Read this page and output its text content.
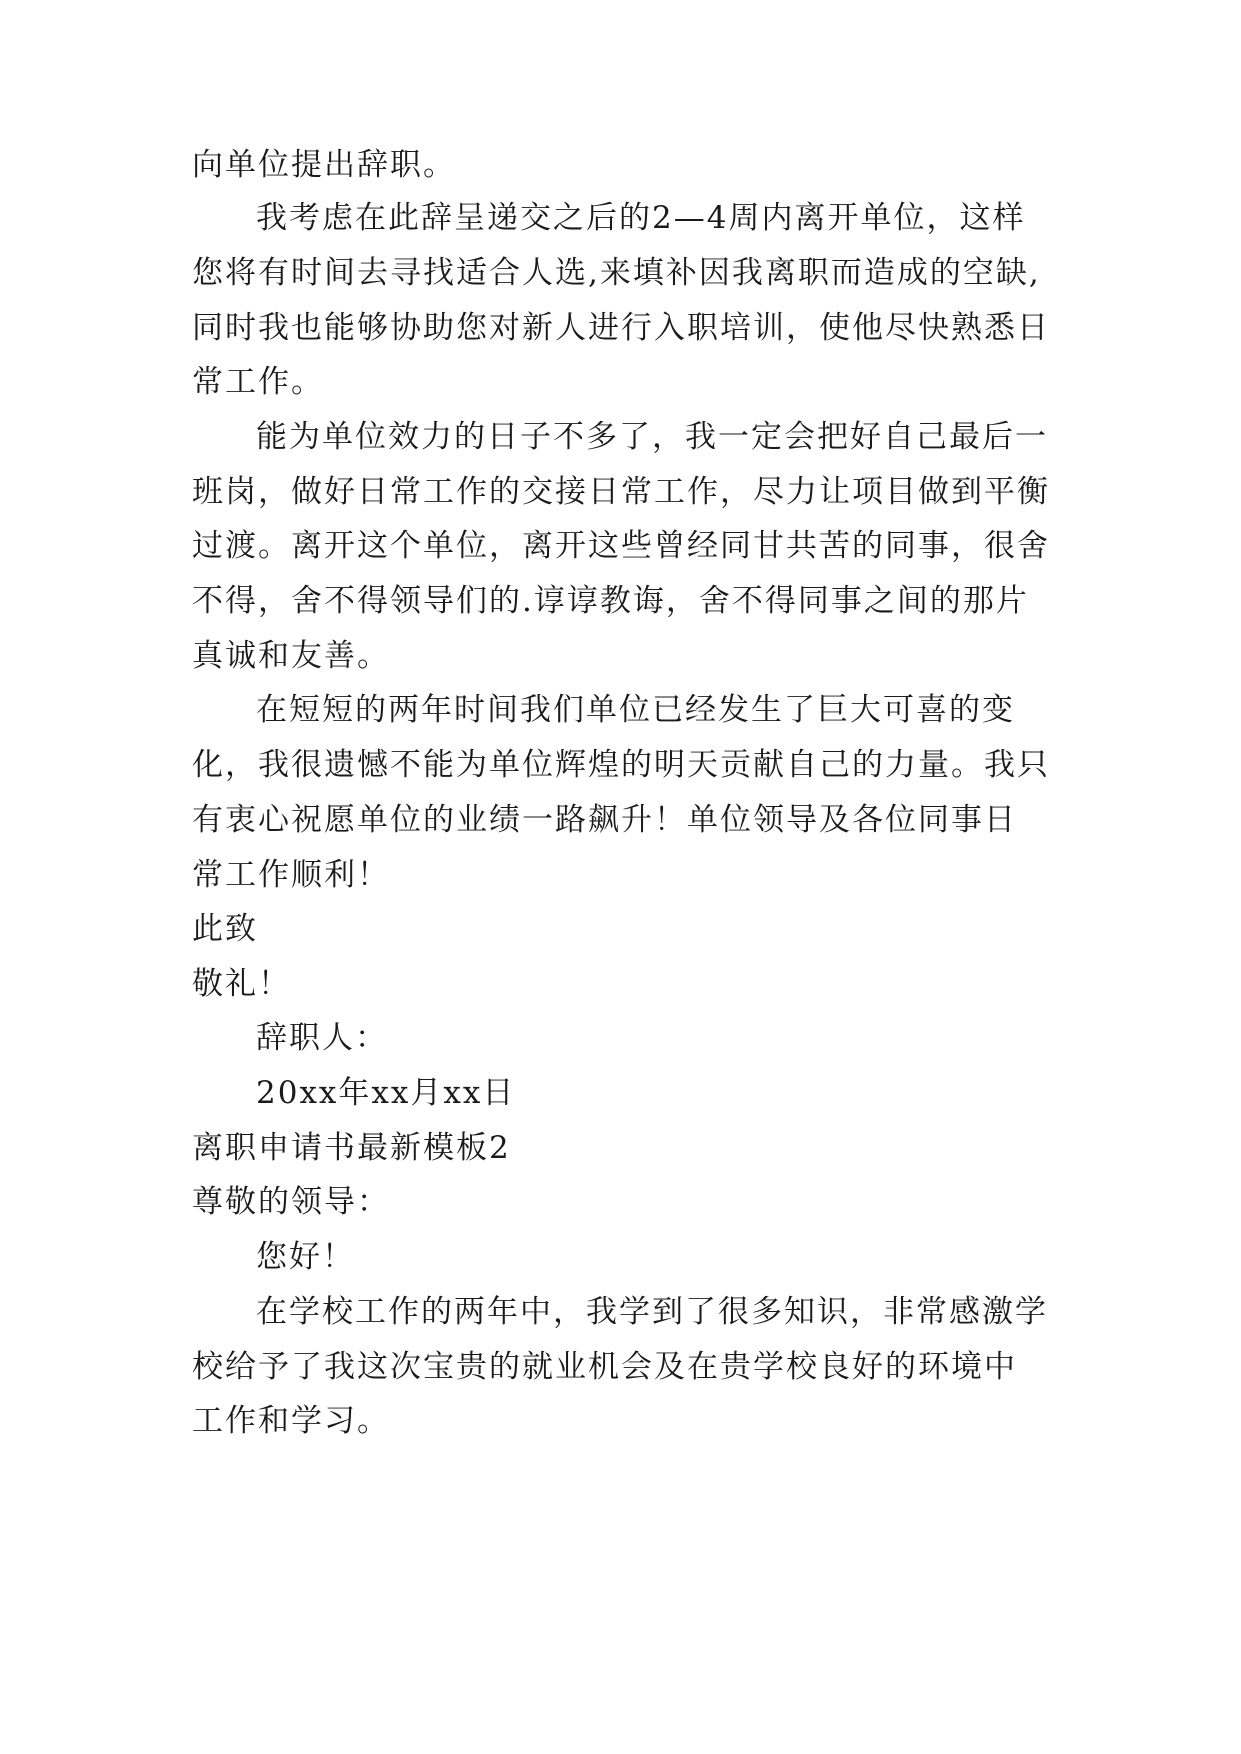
向单位提出辞职。
我考虑在此辞呈递交之后的2—4周内离开单位，这样
您将有时间去寻找适合人选,来填补因我离职而造成的空缺,
同时我也能够协助您对新人进行入职培训，使他尽快熟悉日
常工作。
能为单位效力的日子不多了，我一定会把好自己最后一
班岗，做好日常工作的交接日常工作，尽力让项目做到平衡
过渡。离开这个单位，离开这些曾经同甘共苦的同事，很舍
不得，舍不得领导们的.谆谆教诲，舍不得同事之间的那片
真诚和友善。
在短短的两年时间我们单位已经发生了巨大可喜的变
化，我很遗憾不能为单位辉煌的明天贡献自己的力量。我只
有衷心祝愿单位的业绩一路飙升！单位领导及各位同事日
常工作顺利！
此致
敬礼！
辞职人：
20xx年xx月xx日
离职申请书最新模板2
尊敬的领导：
您好！
在学校工作的两年中，我学到了很多知识，非常感激学
校给予了我这次宝贵的就业机会及在贵学校良好的环境中
工作和学习。
